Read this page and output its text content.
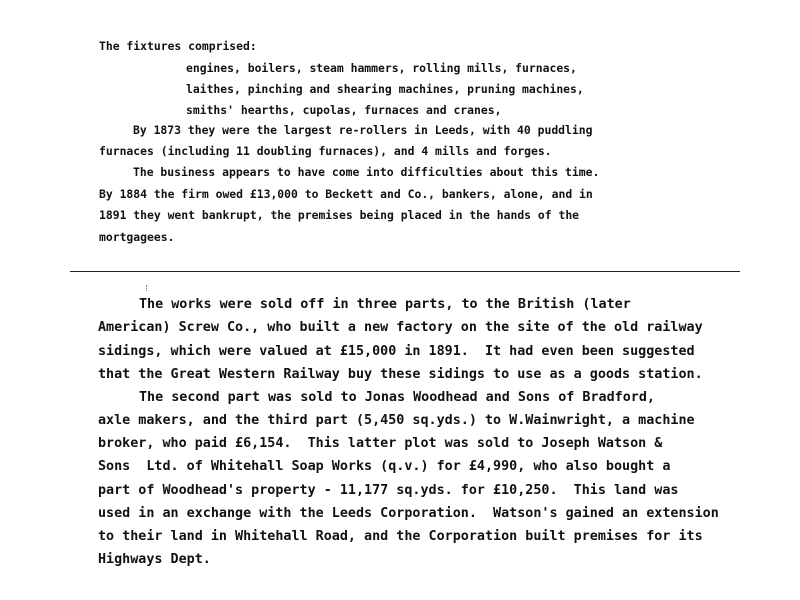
The fixtures comprised:
engines, boilers, steam hammers, rolling mills, furnaces,
laithes, pinching and shearing machines, pruning machines,
smiths' hearths, cupolas, furnaces and cranes,
By 1873 they were the largest re-rollers in Leeds, with 40 puddling
furnaces (including 11 doubling furnaces), and 4 mills and forges.
The business appears to have come into difficulties about this time.
By 1884 the firm owed £13,000 to Beckett and Co., bankers, alone, and in
1891 they went bankrupt, the premises being placed in the hands of the
mortgagees.
The works were sold off in three parts, to the British (later
American) Screw Co., who built a new factory on the site of the old railway
sidings, which were valued at £15,000 in 1891.  It had even been suggested
that the Great Western Railway buy these sidings to use as a goods station.
The second part was sold to Jonas Woodhead and Sons of Bradford,
axle makers, and the third part (5,450 sq.yds.) to W.Wainwright, a machine
broker, who paid £6,154.  This latter plot was sold to Joseph Watson &
Sons  Ltd. of Whitehall Soap Works (q.v.) for £4,990, who also bought a
part of Woodhead's property - 11,177 sq.yds. for £10,250.  This land was
used in an exchange with the Leeds Corporation.  Watson's gained an extension
to their land in Whitehall Road, and the Corporation built premises for its
Highways Dept.
